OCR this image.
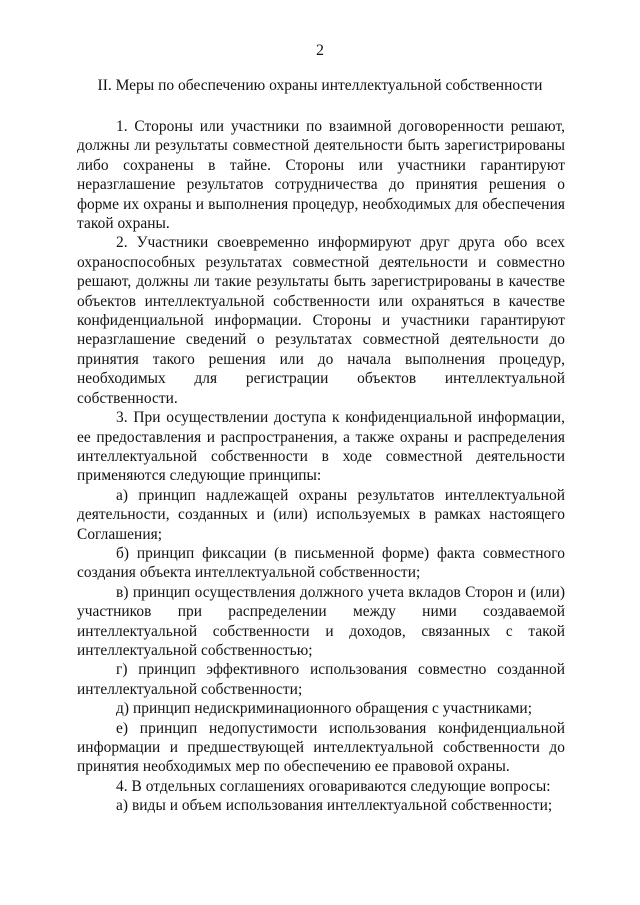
2
II. Меры по обеспечению охраны интеллектуальной собственности

1. Стороны или участники по взаимной договоренности решают, должны ли результаты совместной деятельности быть зарегистрированы либо сохранены в тайне. Стороны или участники гарантируют неразглашение результатов сотрудничества до принятия решения о форме их охраны и выполнения процедур, необходимых для обеспечения такой охраны.

2. Участники своевременно информируют друг друга обо всех охраноспособных результатах совместной деятельности и совместно решают, должны ли такие результаты быть зарегистрированы в качестве объектов интеллектуальной собственности или охраняться в качестве конфиденциальной информации. Стороны и участники гарантируют неразглашение сведений о результатах совместной деятельности до принятия такого решения или до начала выполнения процедур, необходимых для регистрации объектов интеллектуальной собственности.

3. При осуществлении доступа к конфиденциальной информации, ее предоставления и распространения, а также охраны и распределения интеллектуальной собственности в ходе совместной деятельности применяются следующие принципы:

а) принцип надлежащей охраны результатов интеллектуальной деятельности, созданных и (или) используемых в рамках настоящего Соглашения;

б) принцип фиксации (в письменной форме) факта совместного создания объекта интеллектуальной собственности;

в) принцип осуществления должного учета вкладов Сторон и (или) участников при распределении между ними создаваемой интеллектуальной собственности и доходов, связанных с такой интеллектуальной собственностью;

г) принцип эффективного использования совместно созданной интеллектуальной собственности;

д) принцип недискриминационного обращения с участниками;

е) принцип недопустимости использования конфиденциальной информации и предшествующей интеллектуальной собственности до принятия необходимых мер по обеспечению ее правовой охраны.

4. В отдельных соглашениях оговариваются следующие вопросы:

а) виды и объем использования интеллектуальной собственности;
